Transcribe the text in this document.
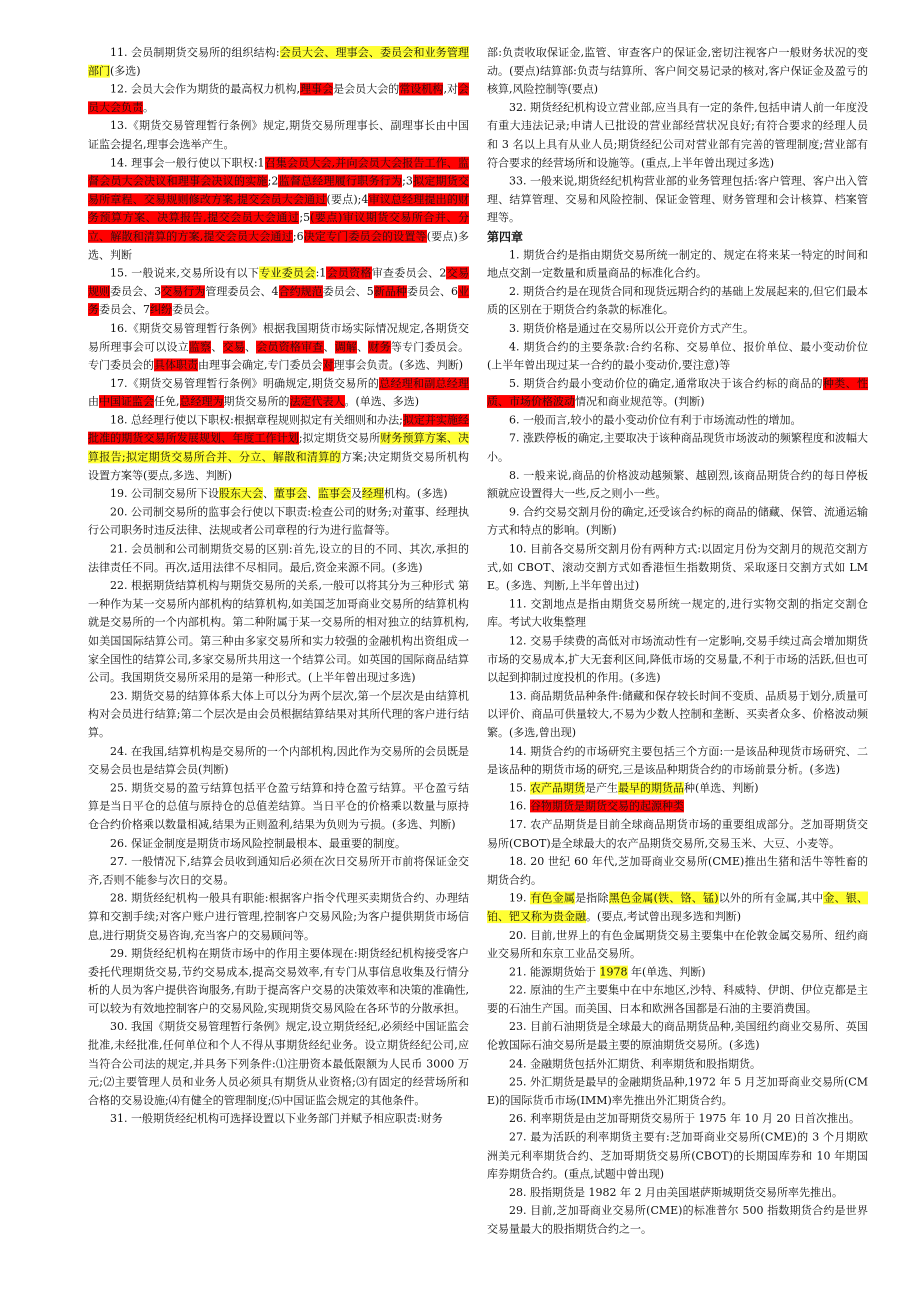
11. 会员制期货交易所的组织结构:会员大会、理事会、委员会和业务管理部门(多选)

12. 会员大会作为期货的最高权力机构,理事会是会员大会的常设机构,对会员大会负责。

13.《期货交易管理暂行条例》规定,期货交易所理事长、副理事长由中国证监会提名,理事会选举产生。

14. 理事会一般行使以下职权:1召集会员大会,并向会员大会报告工作、监督会员大会决议和理事会决议的实施;2监督总经理履行职务行为;3拟定期货交易所章程、交易规则修改方案,提交会员大会通过(要点);4审议总经理提出的财务预算方案、决算报告,提交会员大会通过;5(要点)审议期货交易所合并、分立、解散和清算的方案,提交会员大会通过;6决定专门委员会的设置等(要点)多选、判断

15. 一般说来,交易所设有以下专业委员会:1会员资格审查委员会、2交易规则委员会、3交易行为管理委员会、4合约规范委员会、5新品种委员会、6业务委员会、7纠纷委员会。

16.《期货交易管理暂行条例》根据我国期货市场实际情况规定,各期货交易所理事会可以设立监察、交易、会员资格审查、调解、财务等专门委员会。专门委员会的具体职责由理事会确定,专门委员会对理事会负责。(多选、判断)

17.《期货交易管理暂行条例》明确规定,期货交易所的总经理和副总经理由中国证监会任免,总经理为期货交易所的法定代表人。(单选、多选)

18. 总经理行使以下职权:根据章程规则拟定有关细则和办法;拟定并实施经批准的期货交易所发展规划、年度工作计划;拟定期货交易所财务预算方案、决算报告;拟定期货交易所合并、分立、解散和清算的方案;决定期货交易所机构设置方案等(要点,多选、判断)

19. 公司制交易所下设股东大会、董事会、监事会及经理机构。(多选)

20. 公司制交易所的监事会行使以下职责:检查公司的财务;对董事、经理执行公司职务时违反法律、法规或者公司章程的行为进行监督等。

21. 会员制和公司制期货交易的区别:首先,设立的目的不同、其次,承担的法律责任不同。再次,适用法律不尽相同。最后,资金来源不同。(多选)

22. 根据期货结算机构与期货交易所的关系,一般可以将其分为三种形式 第一种作为某一交易所内部机构的结算机构,如美国芝加哥商业交易所的结算机构就是交易所的一个内部机构。第二种附属于某一交易所的相对独立的结算机构,如美国国际结算公司。第三种由多家交易所和实力较强的金融机构出资组成一家全国性的结算公司,多家交易所共用这一个结算公司。如英国的国际商品结算公司。我国期货交易所采用的是第一种形式。(上半年曾出现过多选)

23. 期货交易的结算体系大体上可以分为两个层次,第一个层次是由结算机构对会员进行结算;第二个层次是由会员根据结算结果对其所代理的客户进行结算。

24. 在我国,结算机构是交易所的一个内部机构,因此作为交易所的会员既是交易会员也是结算会员(判断)

25. 期货交易的盈亏结算包括平仓盈亏结算和持仓盈亏结算。平仓盈亏结算是当日平仓的总值与原持仓的总值差结算。当日平仓的价格乘以数量与原持仓合约价格乘以数量相减,结果为正则盈利,结果为负则为亏损。(多选、判断)

26. 保证金制度是期货市场风险控制最根本、最重要的制度。

27. 一般情况下,结算会员收到通知后必须在次日交易所开市前将保证金交齐,否则不能参与次日的交易。

28. 期货经纪机构一般具有职能:根据客户指令代理买卖期货合约、办理结算和交割手续;对客户账户进行管理,控制客户交易风险;为客户提供期货市场信息,进行期货交易咨询,充当客户的交易顾问等。

29. 期货经纪机构在期货市场中的作用主要体现在:期货经纪机构接受客户委托代理期货交易,节约交易成本,提高交易效率,有专门从事信息收集及行情分析的人员为客户提供咨询服务,有助于提高客户交易的决策效率和决策的准确性,可以较为有效地控制客户的交易风险,实现期货交易风险在各环节的分散承担。

30. 我国《期货交易管理暂行条例》规定,设立期货经纪,必须经中国证监会批准,未经批准,任何单位和个人不得从事期货经纪业务。设立期货经纪公司,应当符合公司法的规定,并具务下列条件:⑴注册资本最低限额为人民币 3000 万元;⑵主要管理人员和业务人员必须具有期货从业资格;⑶有固定的经营场所和合格的交易设施;⑷有健全的管理制度;⑸中国证监会规定的其他条件。

31. 一般期货经纪机构可选择设置以下业务部门并赋予相应职责:财务

部:负责收取保证金,监管、审查客户的保证金,密切注视客户一般财务状况的变动。(要点)结算部:负责与结算所、客户间交易记录的核对,客户保证金及盈亏的核算,风险控制等(要点)

32. 期货经纪机构设立营业部,应当具有一定的条件,包括申请人前一年度没有重大违法记录;申请人已批设的营业部经营状况良好;有符合要求的经理人员和 3 名以上具有从业人员;期货经纪公司对营业部有完善的管理制度;营业部有符合要求的经营场所和设施等。(重点,上半年曾出现过多选)

33. 一般来说,期货经纪机构营业部的业务管理包括:客户管理、客户出入管理、结算管理、交易和风险控制、保证金管理、财务管理和会计核算、档案管理等。

第四章

1. 期货合约是指由期货交易所统一制定的、规定在将来某一特定的时间和地点交割一定数量和质量商品的标准化合约。

2. 期货合约是在现货合同和现货远期合约的基础上发展起来的,但它们最本质的区别在于期货合约条款的标准化。

3. 期货价格是通过在交易所以公开竞价方式产生。

4. 期货合约的主要条款:合约名称、交易单位、报价单位、最小变动价位(上半年曾出现过某一合约的最小变动价,要注意)等

5. 期货合约最小变动价位的确定,通常取决于该合约标的商品的种类、性质、市场价格波动情况和商业规范等。(判断)

6. 一般而言,较小的最小变动价位有利于市场流动性的增加。

7. 涨跌停板的确定,主要取决于该种商品现货市场波动的频繁程度和波幅大小。

8. 一般来说,商品的价格波动越频繁、越剧烈,该商品期货合约的每日停板额就应设置得大一些,反之则小一些。

9. 合约交易交割月份的确定,还受该合约标的商品的储藏、保管、流通运输方式和特点的影响。(判断)

10. 目前各交易所交割月份有两种方式:以固定月份为交割月的规范交割方式,如 CBOT、滚动交割方式如香港恒生指数期货、采取逐日交割方式如 LME。(多选、判断,上半年曾出过)

11. 交割地点是指由期货交易所统一规定的,进行实物交割的指定交割仓库。考试大收集整理

12. 交易手续费的高低对市场流动性有一定影响,交易手续过高会增加期货市场的交易成本,扩大无套利区间,降低市场的交易量,不利于市场的活跃,但也可以起到抑制过度投机的作用。(多选)

13. 商品期货品种条件:储藏和保存较长时间不变质、品质易于划分,质量可以评价、商品可供量较大,不易为少数人控制和垄断、买卖者众多、价格波动频繁。(多选,曾出现)

14. 期货合约的市场研究主要包括三个方面:一是该品种现货市场研究、二是该品种的期货市场的研究,三是该品种期货合约的市场前景分析。(多选)

15. 农产品期货是产生最早的期货品种(单选、判断)

16. 谷物期货是期货交易的起源种类

17. 农产品期货是目前全球商品期货市场的重要组成部分。芝加哥期货交易所(CBOT)是全球最大的农产品期货交易所,交易玉米、大豆、小麦等。

18. 20 世纪 60 年代,芝加哥商业交易所(CME)推出生猪和活牛等牲畜的期货合约。

19. 有色金属是指除黑色金属(铁、铬、锰)以外的所有金属,其中金、银、铂、钯又称为贵金融。(要点,考试曾出现多选和判断)

20. 目前,世界上的有色金属期货交易主要集中在伦敦金属交易所、纽约商业交易所和东京工业品交易所。

21. 能源期货始于 1978 年(单选、判断)

22. 原油的生产主要集中在中东地区,沙特、科威特、伊朗、伊位克都是主要的石油生产国。而美国、日本和欧洲各国都是石油的主要消费国。

23. 目前石油期货是全球最大的商品期货品种,美国纽约商业交易所、英国伦敦国际石油交易所是最主要的原油期货交易所。(多选)

24. 金融期货包括外汇期货、利率期货和股指期货。

25. 外汇期货是最早的金融期货品种,1972 年 5 月芝加哥商业交易所(CME)的国际货币市场(IMM)率先推出外汇期货合约。

26. 利率期货是由芝加哥期货交易所于 1975 年 10 月 20 日首次推出。

27. 最为活跃的利率期货主要有:芝加哥商业交易所(CME)的 3 个月期欧洲美元利率期货合约、芝加哥期货交易所(CBOT)的长期国库券和 10 年期国库券期货合约。(重点,试题中曾出现)

28. 股指期货是 1982 年 2 月由美国堪萨斯城期货交易所率先推出。

29. 目前,芝加哥商业交易所(CME)的标准普尔 500 指数期货合约是世界交易量最大的股指期货合约之一。
